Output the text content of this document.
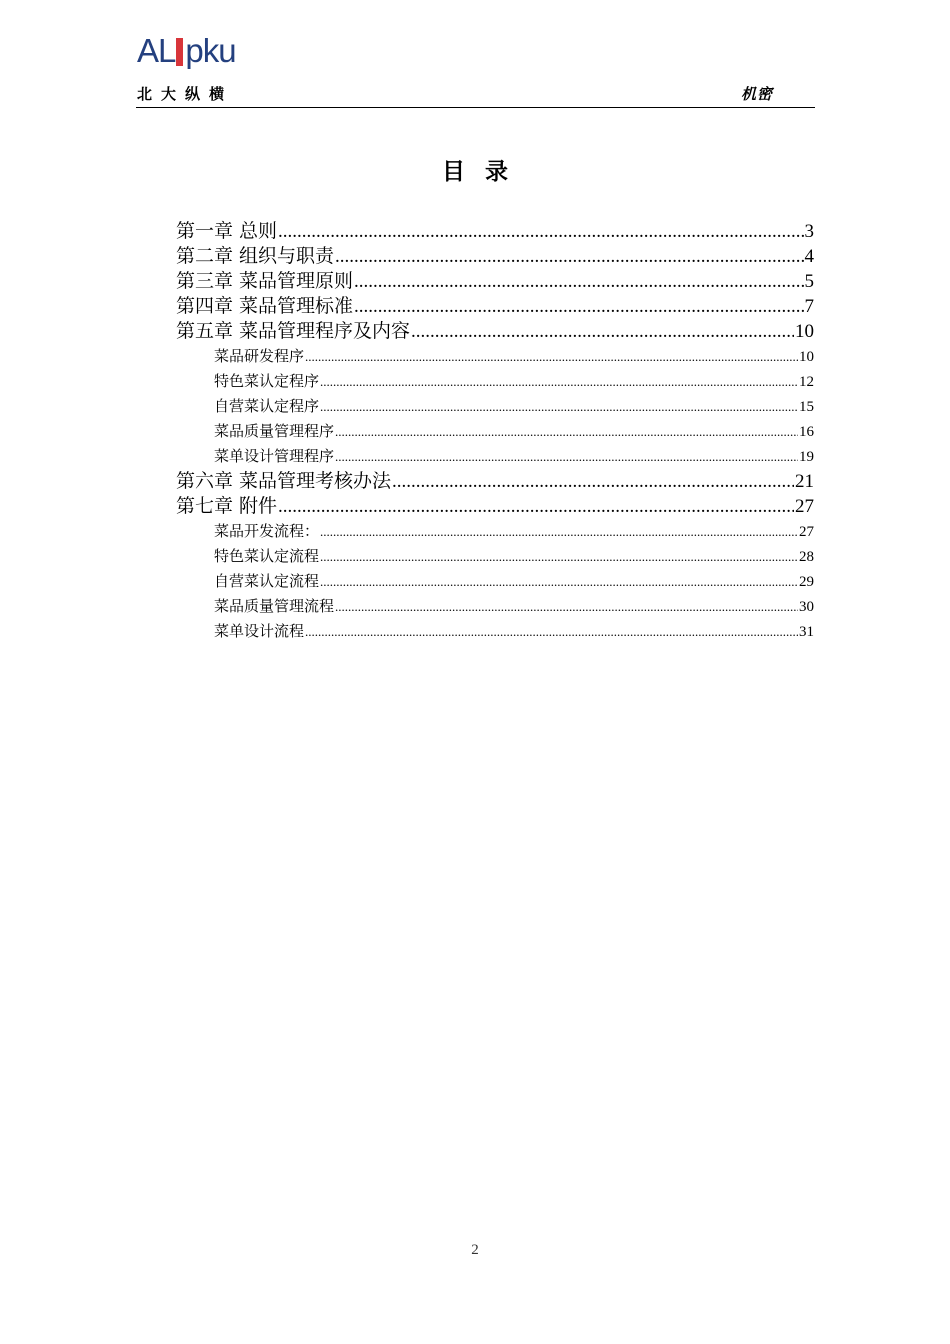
AL pku
北大纵横	机密
目录
第一章 总则 .....	3
第二章 组织与职责 .....	4
第三章 菜品管理原则 .....	5
第四章 菜品管理标准 .....	7
第五章 菜品管理程序及内容 .....	10
菜品研发程序 .....	10
特色菜认定程序 .....	12
自营菜认定程序 .....	15
菜品质量管理程序 .....	16
菜单设计管理程序 .....	19
第六章 菜品管理考核办法 .....	21
第七章 附件 .....	27
菜品开发流程： .....	27
特色菜认定流程 .....	28
自营菜认定流程 .....	29
菜品质量管理流程 .....	30
菜单设计流程 .....	31
2
